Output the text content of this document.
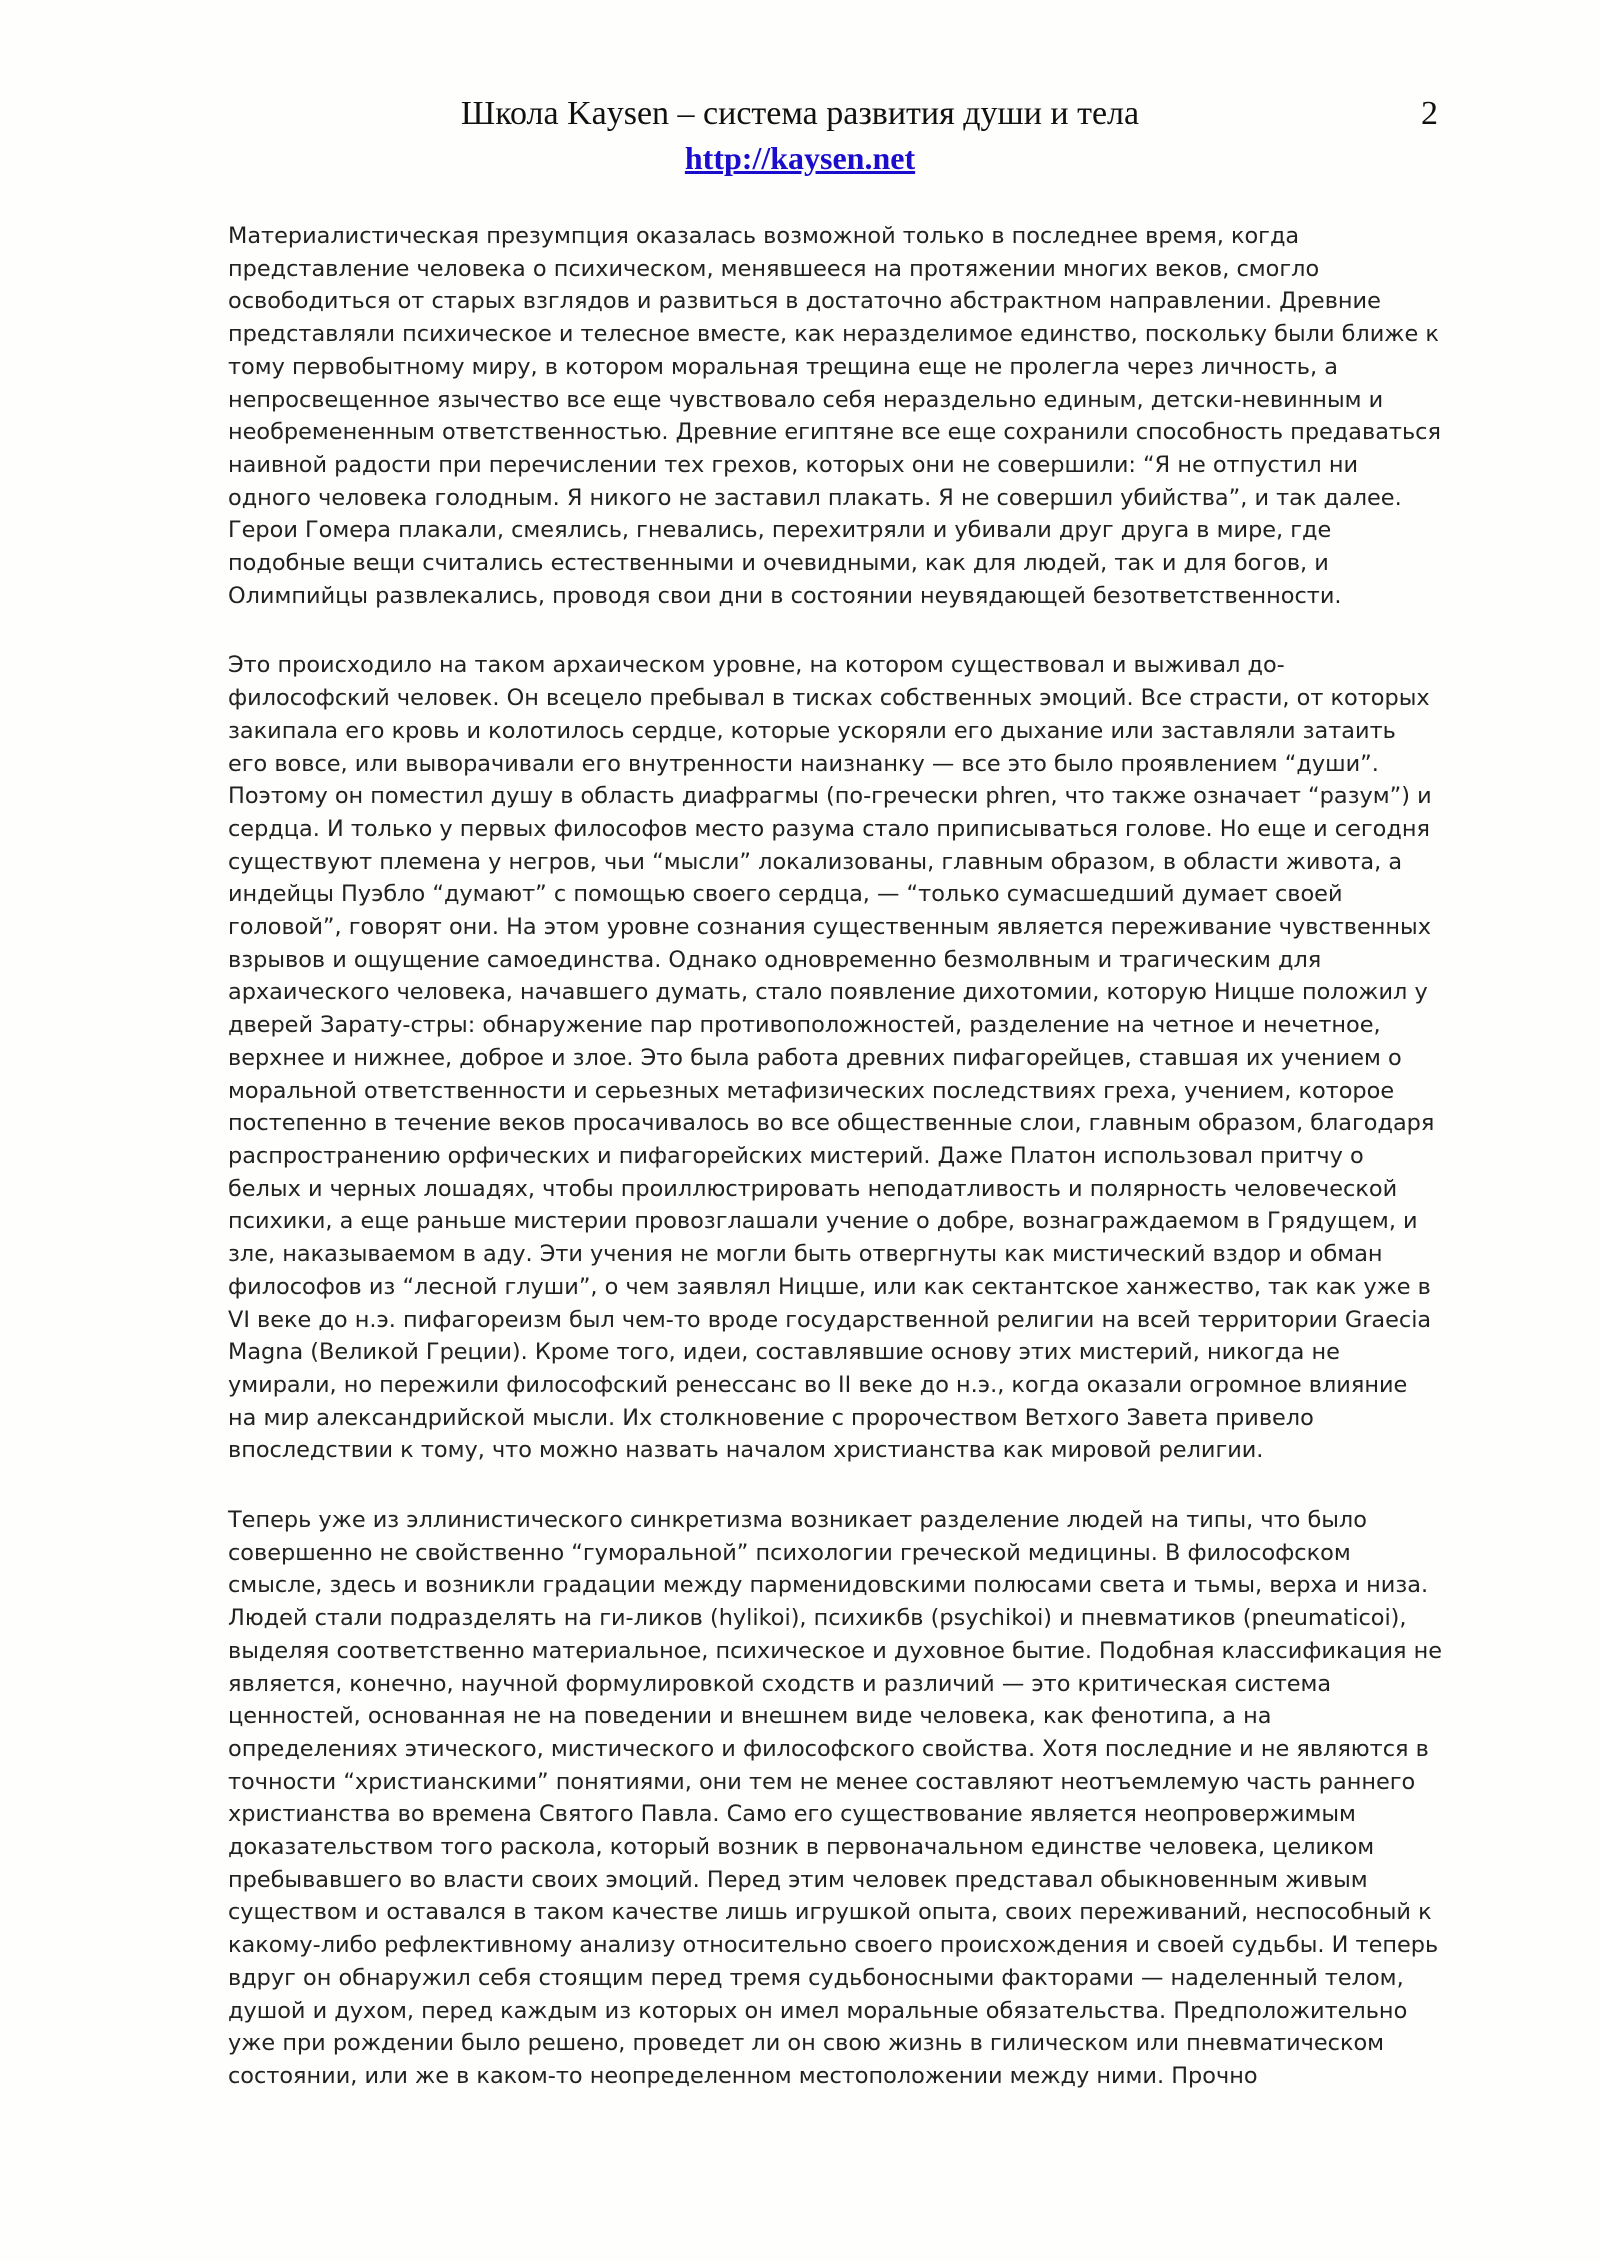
Школа Kaysen – система развития души и тела
http://kaysen.net
2

Материалистическая презумпция оказалась возможной только в последнее время, когда представление человека о психическом, менявшееся на протяжении многих веков, смогло освободиться от старых взглядов и развиться в достаточно абстрактном направлении. Древние представляли психическое и телесное вместе, как неразделимое единство, поскольку были ближе к тому первобытному миру, в котором моральная трещина еще не пролегла через личность, а непросвещенное язычество все еще чувствовало себя нераздельно единым, детски-невинным и необремененным ответственностью. Древние египтяне все еще сохранили способность предаваться наивной радости при перечислении тех грехов, которых они не совершили: “Я не отпустил ни одного человека голодным. Я никого не заставил плакать. Я не совершил убийства”, и так далее. Герои Гомера плакали, смеялись, гневались, перехитряли и убивали друг друга в мире, где подобные вещи считались естественными и очевидными, как для людей, так и для богов, и Олимпийцы развлекались, проводя свои дни в состоянии неувядающей безответственности.

Это происходило на таком архаическом уровне, на котором существовал и выживал до-философский человек. Он всецело пребывал в тисках собственных эмоций. Все страсти, от которых закипала его кровь и колотилось сердце, которые ускоряли его дыхание или заставляли затаить его вовсе, или выворачивали его внутренности наизнанку — все это было проявлением “души”. Поэтому он поместил душу в область диафрагмы (по-гречески phren, что также означает “разум”) и сердца. И только у первых философов место разума стало приписываться голове. Но еще и сегодня существуют племена у негров, чьи “мысли” локализованы, главным образом, в области живота, а индейцы Пуэбло “думают” с помощью своего сердца, — “только сумасшедший думает своей головой”, говорят они. На этом уровне сознания существенным является переживание чувственных взрывов и ощущение самоединства. Однако одновременно безмолвным и трагическим для архаического человека, начавшего думать, стало появление дихотомии, которую Ницше положил у дверей Зарату-стры: обнаружение пар противоположностей, разделение на четное и нечетное, верхнее и нижнее, доброе и злое. Это была работа древних пифагорейцев, ставшая их учением о моральной ответственности и серьезных метафизических последствиях греха, учением, которое постепенно в течение веков просачивалось во все общественные слои, главным образом, благодаря распространению орфических и пифагорейских мистерий. Даже Платон использовал притчу о белых и черных лошадях, чтобы проиллюстрировать неподатливость и полярность человеческой психики, а еще раньше мистерии провозглашали учение о добре, вознаграждаемом в Грядущем, и зле, наказываемом в аду. Эти учения не могли быть отвергнуты как мистический вздор и обман философов из “лесной глуши”, о чем заявлял Ницше, или как сектантское ханжество, так как уже в VI веке до н.э. пифагореизм был чем-то вроде государственной религии на всей территории Graecia Magna (Великой Греции). Кроме того, идеи, составлявшие основу этих мистерий, никогда не умирали, но пережили философский ренессанс во II веке до н.э., когда оказали огромное влияние на мир александрийской мысли. Их столкновение с пророчеством Ветхого Завета привело впоследствии к тому, что можно назвать началом христианства как мировой религии.

Теперь уже из эллинистического синкретизма возникает разделение людей на типы, что было совершенно не свойственно “гуморальной” психологии греческой медицины. В философском смысле, здесь и возникли градации между парменидовскими полюсами света и тьмы, верха и низа. Людей стали подразделять на ги-ликов (hylikoi), психикбв (psychikoi) и пневматиков (pneumaticoi), выделяя соответственно материальное, психическое и духовное бытие. Подобная классификация не является, конечно, научной формулировкой сходств и различий — это критическая система ценностей, основанная не на поведении и внешнем виде человека, как фенотипа, а на определениях этического, мистического и философского свойства. Хотя последние и не являются в точности “христианскими” понятиями, они тем не менее составляют неотъемлемую часть раннего христианства во времена Святого Павла. Само его существование является неопровержимым доказательством того раскола, который возник в первоначальном единстве человека, целиком пребывавшего во власти своих эмоций. Перед этим человек представал обыкновенным живым существом и оставался в таком качестве лишь игрушкой опыта, своих переживаний, неспособный к какому-либо рефлективному анализу относительно своего происхождения и своей судьбы. И теперь вдруг он обнаружил себя стоящим перед тремя судьбоносными факторами — наделенный телом, душой и духом, перед каждым из которых он имел моральные обязательства. Предположительно уже при рождении было решено, проведет ли он свою жизнь в гилическом или пневматическом состоянии, или же в каком-то неопределенном местоположении между ними. Прочно
